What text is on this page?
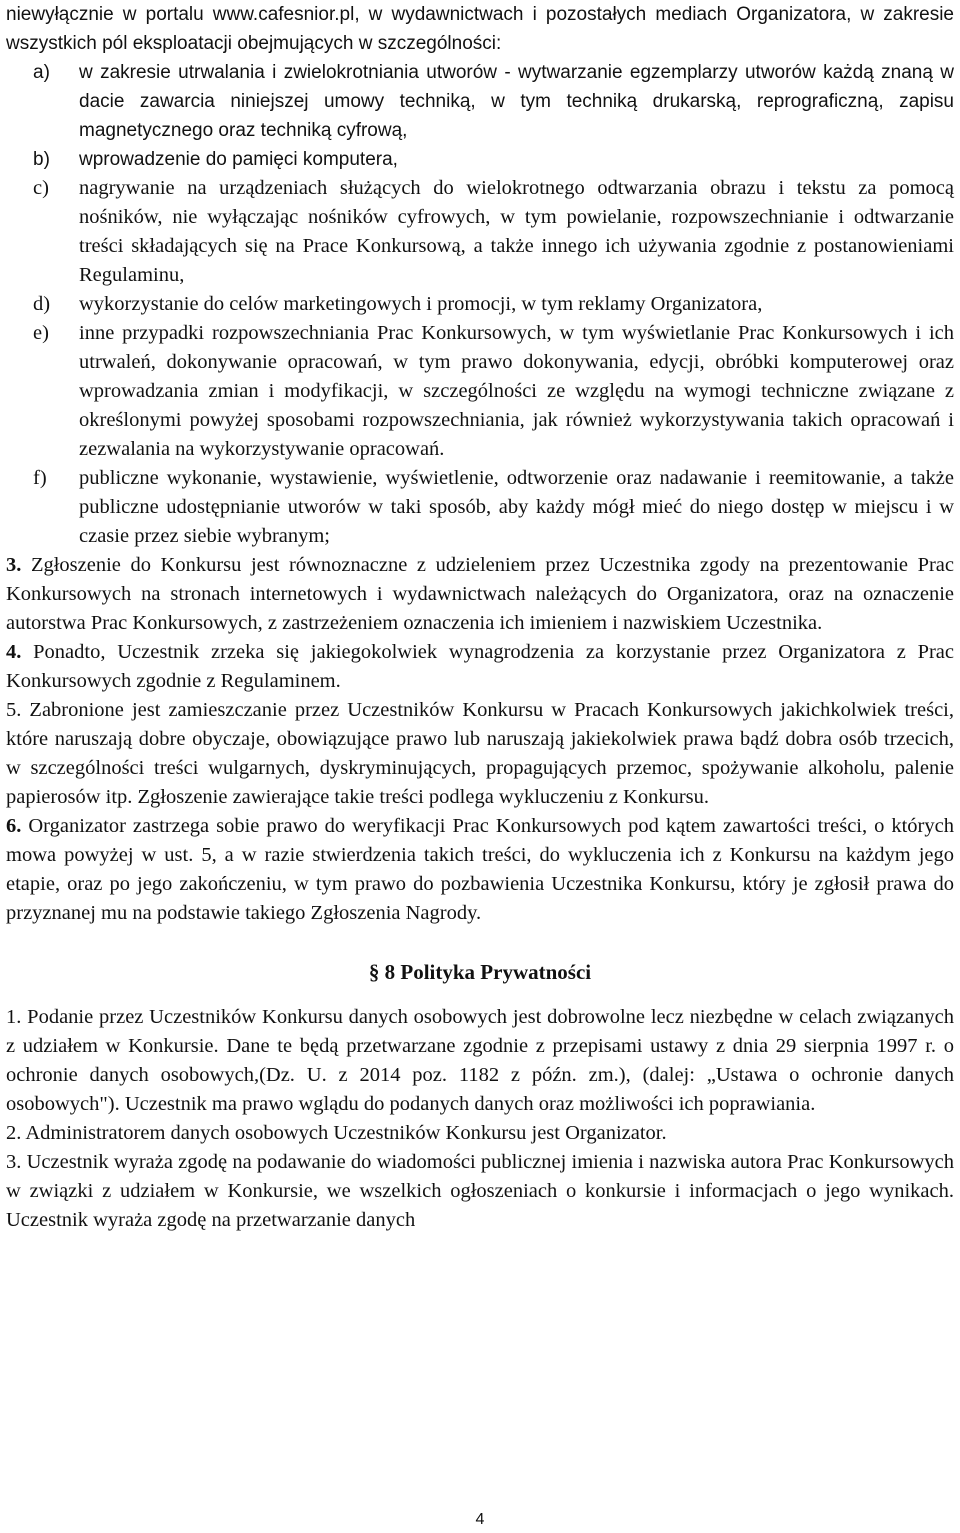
niewyłącznie w portalu www.cafesnior.pl, w wydawnictwach i pozostałych mediach Organizatora, w zakresie wszystkich pól eksploatacji obejmujących w szczególności:

a)	w zakresie utrwalania i zwielokrotniania utworów - wytwarzanie egzemplarzy utworów każdą znaną w dacie zawarcia niniejszej umowy techniką, w tym techniką drukarską, reprograficzną, zapisu magnetycznego oraz techniką cyfrową,
b)	wprowadzenie do pamięci komputera,
c)	nagrywanie na urządzeniach służących do wielokrotnego odtwarzania obrazu i tekstu za pomocą nośników, nie wyłączając nośników cyfrowych, w tym powielanie, rozpowszechnianie i odtwarzanie treści składających się na Prace Konkursową, a także innego ich używania zgodnie z postanowieniami Regulaminu,
d)	wykorzystanie do celów marketingowych i promocji, w tym reklamy Organizatora,
e)	inne przypadki rozpowszechniania Prac Konkursowych, w tym wyświetlanie Prac Konkursowych i ich utrwaleń, dokonywanie opracowań, w tym prawo dokonywania, edycji, obróbki komputerowej oraz wprowadzania zmian i modyfikacji, w szczególności ze względu na wymogi techniczne związane z określonymi powyżej sposobami rozpowszechniania, jak również wykorzystywania takich opracowań i zezwalania na wykorzystywanie opracowań.
f)	publiczne wykonanie, wystawienie, wyświetlenie, odtworzenie oraz nadawanie i reemitowanie, a także publiczne udostępnianie utworów w taki sposób, aby każdy mógł mieć do niego dostęp w miejscu i w czasie przez siebie wybranym;

3. Zgłoszenie do Konkursu jest równoznaczne z udzieleniem przez Uczestnika zgody na prezentowanie Prac Konkursowych na stronach internetowych i wydawnictwach należących do Organizatora, oraz na oznaczenie autorstwa Prac Konkursowych, z zastrzeżeniem oznaczenia ich imieniem i nazwiskiem Uczestnika.

4. Ponadto, Uczestnik zrzeka się jakiegokolwiek wynagrodzenia za korzystanie przez Organizatora z Prac Konkursowych zgodnie z Regulaminem.

5. Zabronione jest zamieszczanie przez Uczestników Konkursu w Pracach Konkursowych jakichkolwiek treści, które naruszają dobre obyczaje, obowiązujące prawo lub naruszają jakiekolwiek prawa bądź dobra osób trzecich, w szczególności treści wulgarnych, dyskryminujących, propagujących przemoc, spożywanie alkoholu, palenie papierosów itp. Zgłoszenie zawierające takie treści podlega wykluczeniu z Konkursu.

6. Organizator zastrzega sobie prawo do weryfikacji Prac Konkursowych pod kątem zawartości treści, o których mowa powyżej w ust. 5, a w razie stwierdzenia takich treści, do wykluczenia ich z Konkursu na każdym jego etapie, oraz po jego zakończeniu, w tym prawo do pozbawienia Uczestnika Konkursu, który je zgłosił prawa do przyznanej mu na podstawie takiego Zgłoszenia Nagrody.

§ 8 Polityka Prywatności

1. Podanie przez Uczestników Konkursu danych osobowych jest dobrowolne lecz niezbędne w celach związanych z udziałem w Konkursie. Dane te będą przetwarzane zgodnie z przepisami ustawy z dnia 29 sierpnia 1997 r. o ochronie danych osobowych,(Dz. U. z 2014 poz. 1182 z późn. zm.), (dalej: „Ustawa o ochronie danych osobowych"). Uczestnik ma prawo wglądu do podanych danych oraz możliwości ich poprawiania.

2. Administratorem danych osobowych Uczestników Konkursu jest Organizator.

3. Uczestnik wyraża zgodę na podawanie do wiadomości publicznej imienia i nazwiska autora Prac Konkursowych w związki z udziałem w Konkursie, we wszelkich ogłoszeniach o konkursie i informacjach o jego wynikach. Uczestnik wyraża zgodę na przetwarzanie danych

4
